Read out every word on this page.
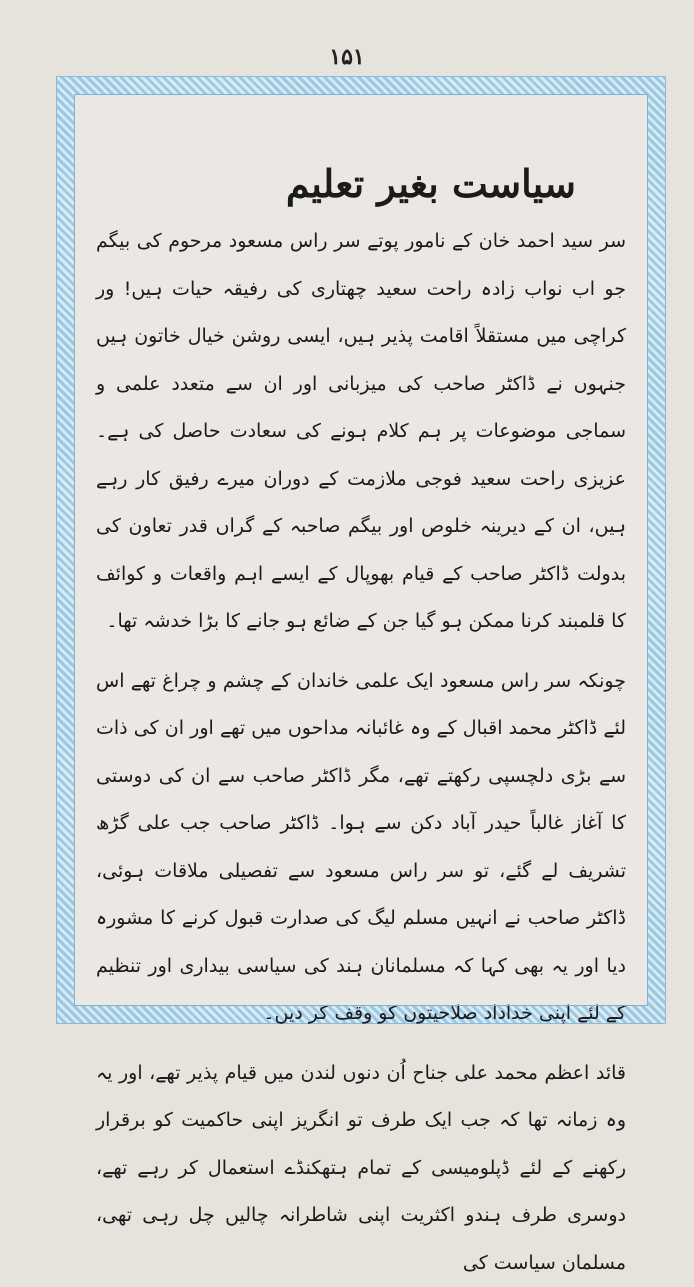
۱۵۱
سیاست بغیر تعلیم

سر سید احمد خان کے نامور پوتے سر راس مسعود مرحوم کی بیگم جو اب نواب زادہ راحت سعید چھتاری کی رفیقہ حیات ہیں! ور کراچی میں مستقلاً اقامت پذیر ہیں، ایسی روشن خیال خاتون ہیں جنہوں نے ڈاکٹر صاحب کی میزبانی اور ان سے متعدد علمی و سماجی موضوعات پر ہم کلام ہونے کی سعادت حاصل کی ہے۔ عزیزی راحت سعید فوجی ملازمت کے دوران میرے رفیق کار رہے ہیں، ان کے دیرینہ خلوص اور بیگم صاحبہ کے گراں قدر تعاون کی بدولت ڈاکٹر صاحب کے قیام بھوپال کے ایسے اہم واقعات و کوائف کا قلمبند کرنا ممکن ہو گیا جن کے ضائع ہو جانے کا بڑا خدشہ تھا۔

چونکہ سر راس مسعود ایک علمی خاندان کے چشم و چراغ تھے اس لئے ڈاکٹر محمد اقبال کے وہ غائبانہ مداحوں میں تھے اور ان کی ذات سے بڑی دلچسپی رکھتے تھے، مگر ڈاکٹر صاحب سے ان کی دوستی کا آغاز غالباً حیدر آباد دکن سے ہوا۔ ڈاکٹر صاحب جب علی گڑھ تشریف لے گئے، تو سر راس مسعود سے تفصیلی ملاقات ہوئی، ڈاکٹر صاحب نے انہیں مسلم لیگ کی صدارت قبول کرنے کا مشورہ دیا اور یہ بھی کہا کہ مسلمانان ہند کی سیاسی بیداری اور تنظیم کے لئے اپنی خداداد صلاحیتوں کو وقف کر دیں۔

قائد اعظم محمد علی جناح اُن دنوں لندن میں قیام پذیر تھے، اور یہ وہ زمانہ تھا کہ جب ایک طرف تو انگریز اپنی حاکمیت کو برقرار رکھنے کے لئے ڈپلومیسی کے تمام ہتھکنڈے استعمال کر رہے تھے، دوسری طرف ہندو اکثریت اپنی شاطرانہ چالیں چل رہی تھی، مسلمان سیاست کی
